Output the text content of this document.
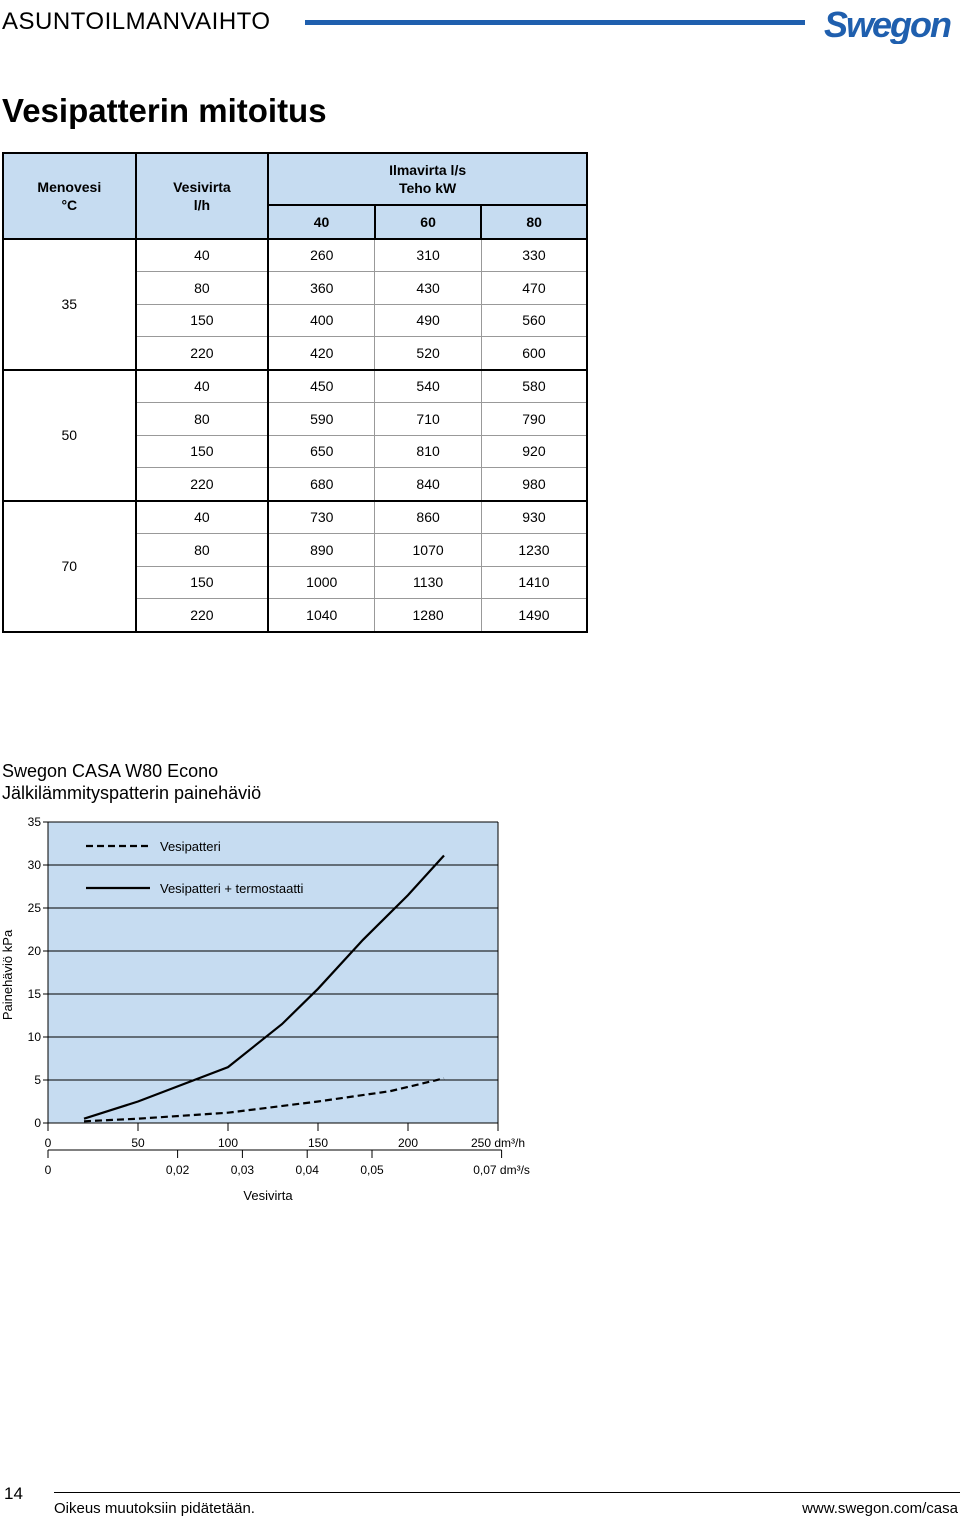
ASUNTOILMANVAIHTO	Swegon
Vesipatterin mitoitus
Menovesi
°C	Vesivirta
l/h	Ilmavirta l/s
Teho kW		

		40	60	80
35	40	260	310	330
	80	360	430	470
	150	400	490	560
	220	420	520	600
50	40	450	540	580
	80	590	710	790
	150	650	810	920
	220	680	840	980
70	40	730	860	930
	80	890	1070	1230
	150	1000	1130	1410
	220	1040	1280	1490
Swegon CASA W80 Econo
Jälkilämmityspatterin painehäviö
0
5
10
15
20
25
30
35
0	50	100	150	200	250 dm³/h
0	0,02	0,03	0,04	0,05	0,07 dm³/s
Vesivirta
Painehäviö kPa
Vesipatteri
Vesipatteri + termostaatti
14
Oikeus muutoksiin pidätetään.	www.swegon.com/casa
